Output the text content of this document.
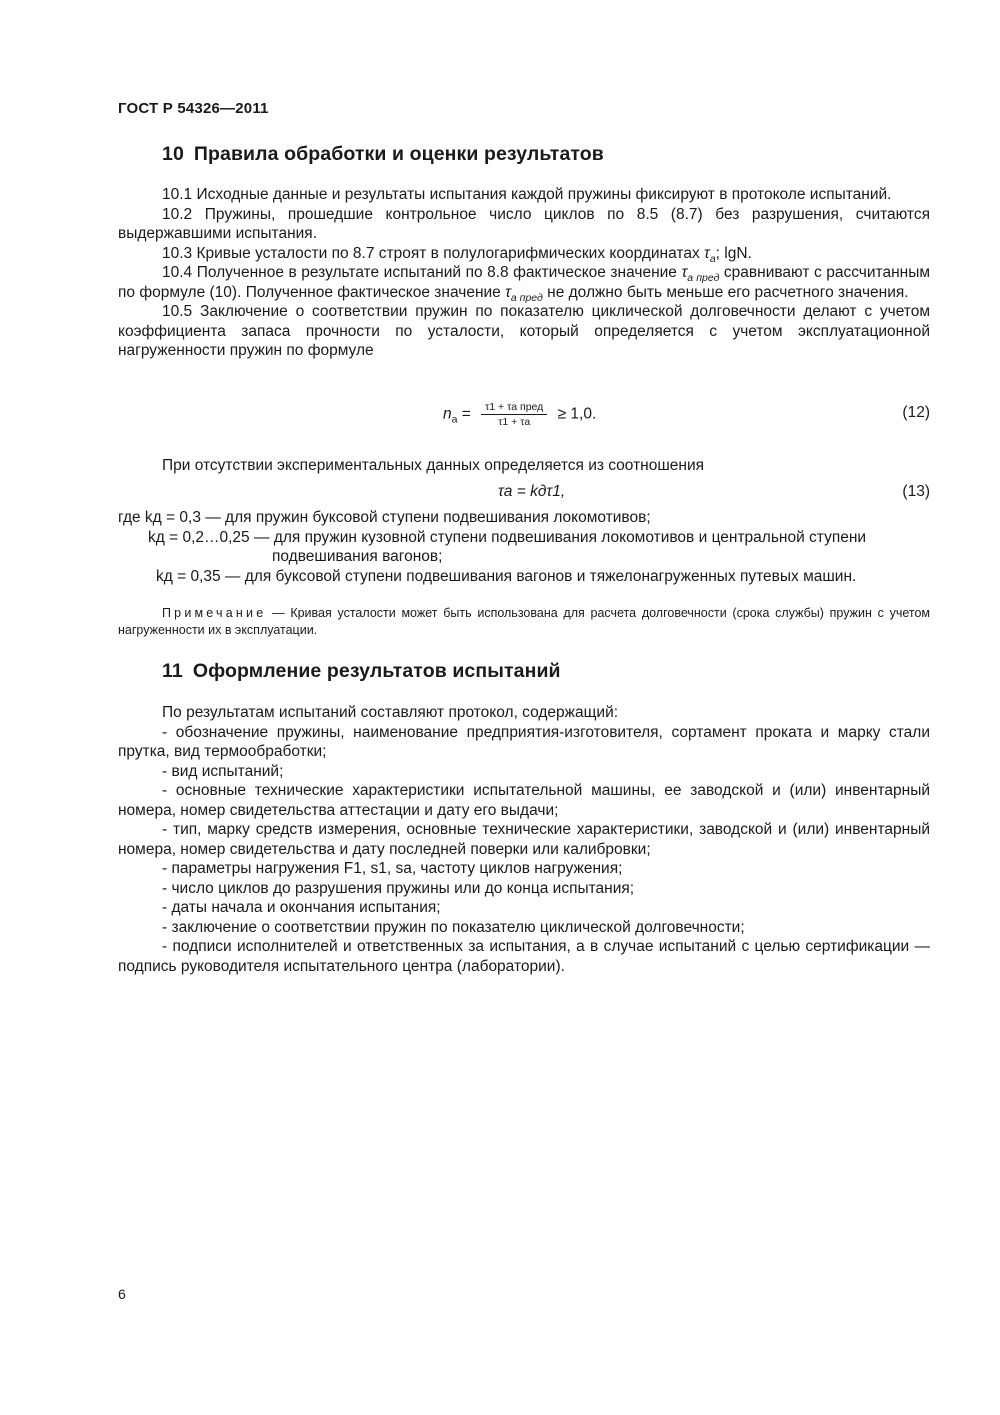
ГОСТ Р 54326—2011
10 Правила обработки и оценки результатов

10.1 Исходные данные и результаты испытания каждой пружины фиксируют в протоколе испытаний.

10.2 Пружины, прошедшие контрольное число циклов по 8.5 (8.7) без разрушения, считаются выдержавшими испытания.

10.3 Кривые усталости по 8.7 строят в полулогарифмических координатах $\tau_a$; lgN.

10.4 Полученное в результате испытаний по 8.8 фактическое значение $\tau_{a пред}$ сравнивают с рассчитанным по формуле (10). Полученное фактическое значение $\tau_{a пред}$ не должно быть меньше его расчетного значения.

10.5 Заключение о соответствии пружин по показателю циклической долговечности делают с учетом коэффициента запаса прочности по усталости, который определяется с учетом эксплуатационной нагруженности пружин по формуле

$n_a = \frac{\text{τ1 + τa пред}}{\tau 1 + \tau a} \ge 1,0$.	(12)

При отсутствии экспериментальных данных определяется из соотношения

τa = kдτ1,	(13)

где kд = 0,3 — для пружин буксовой ступени подвешивания локомотивов;

kд = 0,2…0,25 — для пружин кузовной ступени подвешивания локомотивов и центральной ступени

подвешивания вагонов;

kд = 0,35 — для буксовой ступени подвешивания вагонов и тяжелонагруженных путевых машин.

Примечание — Кривая усталости может быть использована для расчета долговечности (срока службы) пружин с учетом нагруженности их в эксплуатации.
11 Оформление результатов испытаний

По результатам испытаний составляют протокол, содержащий:

- обозначение пружины, наименование предприятия-изготовителя, сортамент проката и марку стали прутка, вид термообработки;

- вид испытаний;

- основные технические характеристики испытательной машины, ее заводской и (или) инвентарный номера, номер свидетельства аттестации и дату его выдачи;

- тип, марку средств измерения, основные технические характеристики, заводской и (или) инвентарный номера, номер свидетельства и дату последней поверки или калибровки;

- параметры нагружения F1, s1, sa, частоту циклов нагружения;

- число циклов до разрушения пружины или до конца испытания;

- даты начала и окончания испытания;

- заключение о соответствии пружин по показателю циклической долговечности;

- подписи исполнителей и ответственных за испытания, а в случае испытаний с целью сертификации — подпись руководителя испытательного центра (лаборатории).

6
